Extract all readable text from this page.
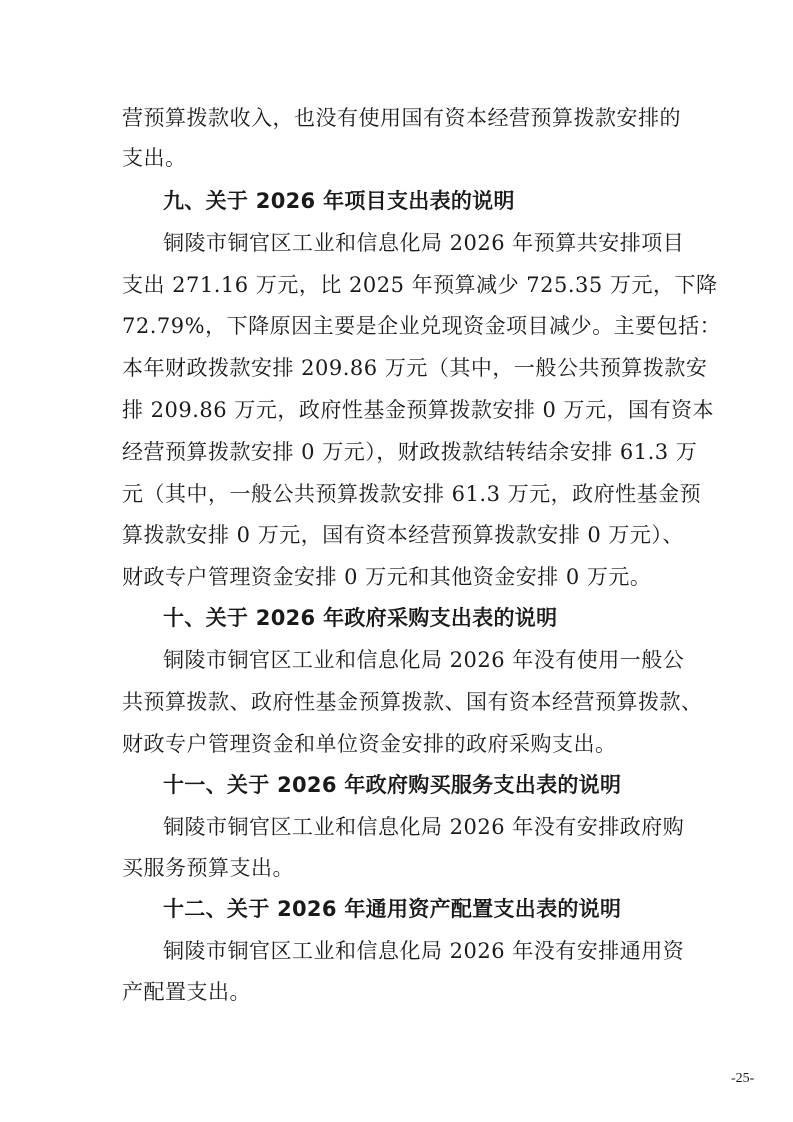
营预算拨款收入，也没有使用国有资本经营预算拨款安排的
支出。
九、关于 2026 年项目支出表的说明
铜陵市铜官区工业和信息化局 2026 年预算共安排项目
支出 271.16 万元，比 2025 年预算减少 725.35 万元，下降
72.79%，下降原因主要是企业兑现资金项目减少。主要包括：
本年财政拨款安排 209.86 万元（其中，一般公共预算拨款安
排 209.86 万元，政府性基金预算拨款安排 0 万元，国有资本
经营预算拨款安排 0 万元），财政拨款结转结余安排 61.3 万
元（其中，一般公共预算拨款安排 61.3 万元，政府性基金预
算拨款安排 0 万元，国有资本经营预算拨款安排 0 万元）、
财政专户管理资金安排 0 万元和其他资金安排 0 万元。
十、关于 2026 年政府采购支出表的说明
铜陵市铜官区工业和信息化局 2026 年没有使用一般公
共预算拨款、政府性基金预算拨款、国有资本经营预算拨款、
财政专户管理资金和单位资金安排的政府采购支出。
十一、关于 2026 年政府购买服务支出表的说明
铜陵市铜官区工业和信息化局 2026 年没有安排政府购
买服务预算支出。
十二、关于 2026 年通用资产配置支出表的说明
铜陵市铜官区工业和信息化局 2026 年没有安排通用资
产配置支出。
-25-
